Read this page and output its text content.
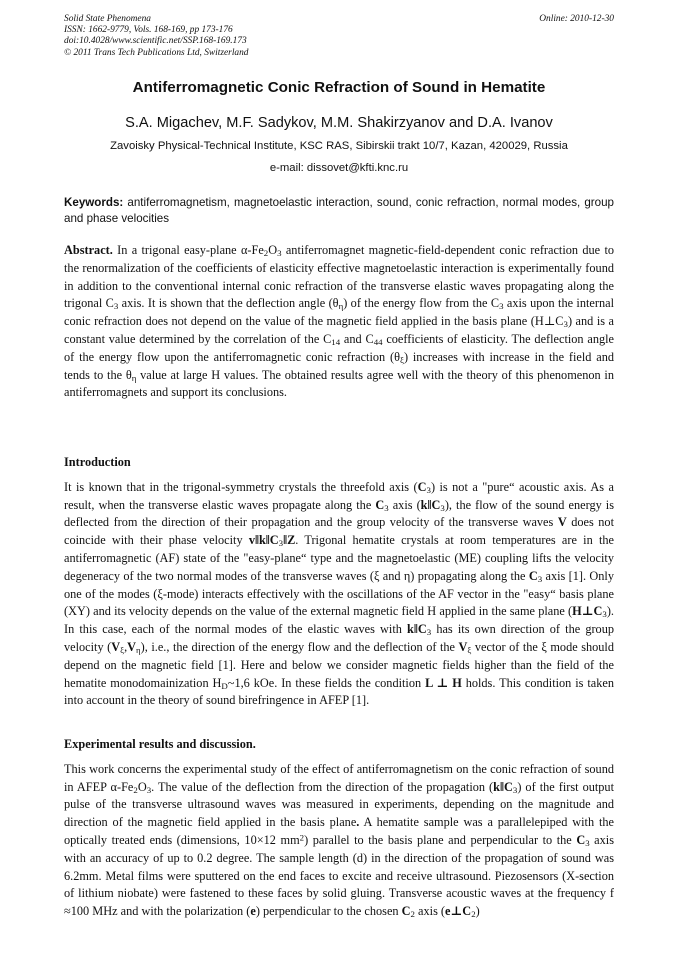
Solid State Phenomena
ISSN: 1662-9779, Vols. 168-169, pp 173-176
doi:10.4028/www.scientific.net/SSP.168-169.173
© 2011 Trans Tech Publications Ltd, Switzerland
Online: 2010-12-30
Antiferromagnetic Conic Refraction of Sound in Hematite
S.A. Migachev, M.F. Sadykov, M.M. Shakirzyanov and D.A. Ivanov
Zavoisky Physical-Technical Institute, KSC RAS, Sibirskii trakt 10/7, Kazan, 420029, Russia
e-mail: dissovet@kfti.knc.ru
Keywords: antiferromagnetism, magnetoelastic interaction, sound, conic refraction, normal modes, group and phase velocities

Abstract. In a trigonal easy-plane $\alpha-Fe_2O_3$ antiferromagnet magnetic-field-dependent conic refraction due to the renormalization of the coefficients of elasticity effective magnetoelastic interaction is experimentally found in addition to the conventional internal conic refraction of the transverse elastic waves propagating along the trigonal $C_3$ axis. It is shown that the deflection angle $(\theta_\eta)$ of the energy flow from the $C_3$ axis upon the internal conic refraction does not depend on the value of the magnetic field applied in the basis plane $(H\perp C_3)$ and is a constant value determined by the correlation of the $C_{14}$ and $C_{44}$ coefficients of elasticity. The deflection angle of the energy flow upon the antiferromagnetic conic refraction $(\theta_\xi)$ increases with increase in the field and tends to the $\theta_\eta$ value at large H values. The obtained results agree well with the theory of this phenomenon in antiferromagnets and support its conclusions.

Introduction

It is known that in the trigonal-symmetry crystals the threefold axis $(C_3)$ is not a "pure“ acoustic axis. As a result, when the transverse elastic waves propagate along the $C_3$ axis $(k‖C_3)$, the flow of the sound energy is deflected from the direction of their propagation and the group velocity of the transverse waves V does not coincide with their phase velocity $v‖k‖C_3‖Z$. Trigonal hematite crystals at room temperatures are in the antiferromagnetic (AF) state of the "easy-plane“ type and the magnetoelastic (ME) coupling lifts the velocity degeneracy of the two normal modes of the transverse waves (ξ and η) propagating along the $C_3$ axis [1]. Only one of the modes (ξ-mode) interacts effectively with the oscillations of the AF vector in the "easy“ basis plane (XY) and its velocity depends on the value of the external magnetic field H applied in the same plane $(H\perp C_3)$. In this case, each of the normal modes of the elastic waves with $k‖C_3$ has its own direction of the group velocity $(V_\xi,V_\eta)$, i.e., the direction of the energy flow and the deflection of the $V_\xi$ vector of the ξ mode should depend on the magnetic field [1]. Here and below we consider magnetic fields higher than the field of the hematite monodomainization $H_D\sim 1,6$ kOe. In these fields the condition L ⊥ H holds. This condition is taken into account in the theory of sound birefringence in AFEP [1].

Experimental results and discussion.

This work concerns the experimental study of the effect of antiferromagnetism on the conic refraction of sound in AFEP $\alpha-Fe_2O_3$. The value of the deflection from the direction of the propagation $(k‖C_3)$ of the first output pulse of the transverse ultrasound waves was measured in experiments, depending on the magnitude and direction of the magnetic field applied in the basis plane. A hematite sample was a parallelepiped with the optically treated ends (dimensions, 10×12 $mm^2$) parallel to the basis plane and perpendicular to the $C_3$ axis with an accuracy of up to 0.2 degree. The sample length (d) in the direction of the propagation of sound was 6.2mm. Metal films were sputtered on the end faces to excite and receive ultrasound. Piezosensors (X-section of lithium niobate) were fastened to these faces by solid gluing. Transverse acoustic waves at the frequency f ≈100 MHz and with the polarization (e) perpendicular to the chosen $C_2$ axis $(e\perp C_2)$
